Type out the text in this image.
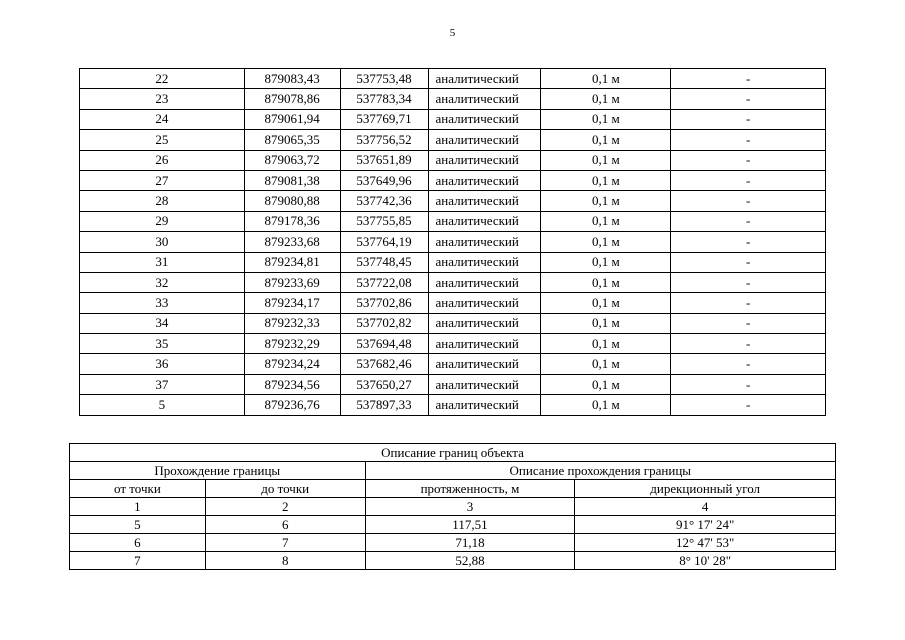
5
22	879083,43	537753,48	аналитический	0,1 м	-
23	879078,86	537783,34	аналитический	0,1 м	-
24	879061,94	537769,71	аналитический	0,1 м	-
25	879065,35	537756,52	аналитический	0,1 м	-
26	879063,72	537651,89	аналитический	0,1 м	-
27	879081,38	537649,96	аналитический	0,1 м	-
28	879080,88	537742,36	аналитический	0,1 м	-
29	879178,36	537755,85	аналитический	0,1 м	-
30	879233,68	537764,19	аналитический	0,1 м	-
31	879234,81	537748,45	аналитический	0,1 м	-
32	879233,69	537722,08	аналитический	0,1 м	-
33	879234,17	537702,86	аналитический	0,1 м	-
34	879232,33	537702,82	аналитический	0,1 м	-
35	879232,29	537694,48	аналитический	0,1 м	-
36	879234,24	537682,46	аналитический	0,1 м	-
37	879234,56	537650,27	аналитический	0,1 м	-
5	879236,76	537897,33	аналитический	0,1 м	-
Описание границ объекта			
Прохождение границы		Описание прохождения границы	
от точки	до точки	протяженность, м	дирекционный угол
1	2	3	4
5	6	117,51	91° 17' 24"
6	7	71,18	12° 47' 53"
7	8	52,88	8° 10' 28"
